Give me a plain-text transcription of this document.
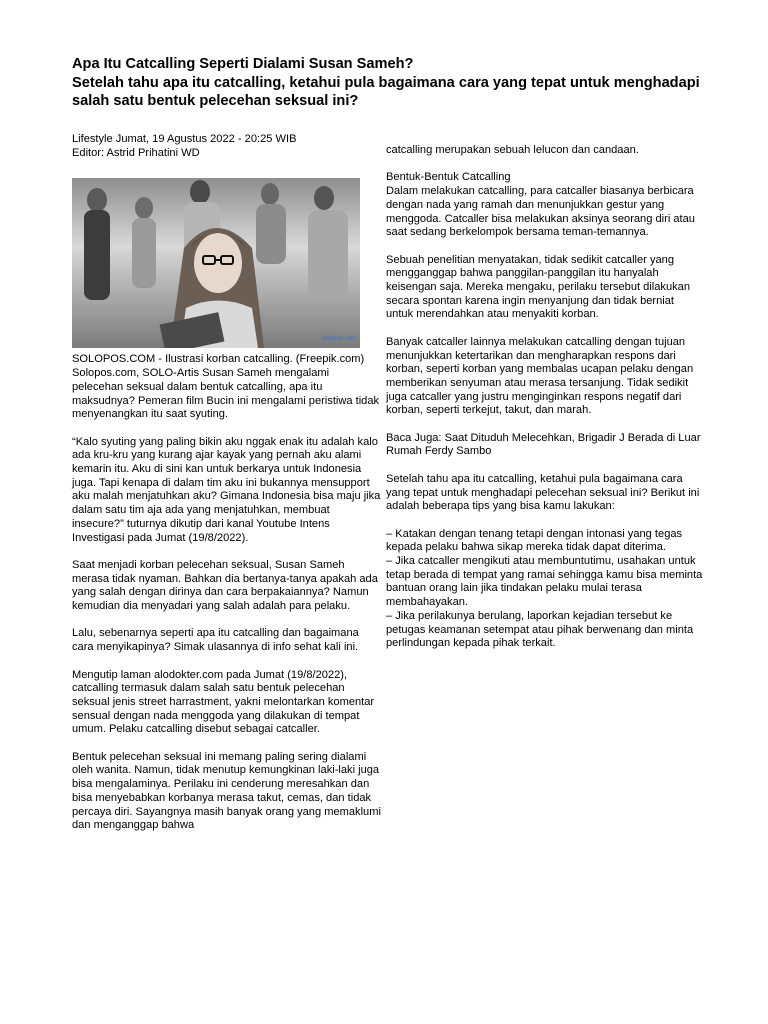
Apa Itu Catcalling Seperti Dialami Susan Sameh?
Setelah tahu apa itu catcalling, ketahui pula bagaimana cara yang tepat untuk menghadapi salah satu bentuk pelecehan seksual ini?

Lifestyle Jumat, 19 Agustus 2022 - 20:25 WIB
Editor: Astrid Prihatini WD

Solopos.com

SOLOPOS.COM - Ilustrasi korban catcalling. (Freepik.com)
Solopos.com, SOLO-Artis Susan Sameh mengalami pelecehan seksual dalam bentuk catcalling, apa itu maksudnya? Pemeran film Bucin ini mengalami peristiwa tidak menyenangkan itu saat syuting.

“Kalo syuting yang paling bikin aku nggak enak itu adalah kalo ada kru-kru yang kurang ajar kayak yang pernah aku alami kemarin itu. Aku di sini kan untuk berkarya untuk Indonesia juga. Tapi kenapa di dalam tim aku ini bukannya mensupport aku malah menjatuhkan aku? Gimana Indonesia bisa maju jika dalam satu tim aja ada yang menjatuhkan, membuat insecure?” tuturnya dikutip dari kanal Youtube Intens Investigasi pada Jumat (19/8/2022).

Saat menjadi korban pelecehan seksual, Susan Sameh merasa tidak nyaman. Bahkan dia bertanya-tanya apakah ada yang salah dengan dirinya dan cara berpakaiannya? Namun kemudian dia menyadari yang salah adalah para pelaku.

Lalu, sebenarnya seperti apa itu catcalling dan bagaimana cara menyikapinya? Simak ulasannya di info sehat kali ini.

Mengutip laman alodokter.com pada Jumat (19/8/2022), catcalling termasuk dalam salah satu bentuk pelecehan seksual jenis street harrastment, yakni melontarkan komentar sensual dengan nada menggoda yang dilakukan di tempat umum. Pelaku catcalling disebut sebagai catcaller.

Bentuk pelecehan seksual ini memang paling sering dialami oleh wanita. Namun, tidak menutup kemungkinan laki-laki juga bisa mengalaminya. Perilaku ini cenderung meresahkan dan bisa menyebabkan korbanya merasa takut, cemas, dan tidak percaya diri. Sayangnya masih banyak orang yang memaklumi dan menganggap bahwa

catcalling merupakan sebuah lelucon dan candaan.

Bentuk-Bentuk Catcalling
Dalam melakukan catcalling, para catcaller biasanya berbicara dengan nada yang ramah dan menunjukkan gestur yang menggoda. Catcaller bisa melakukan aksinya seorang diri atau saat sedang berkelompok bersama teman-temannya.

Sebuah penelitian menyatakan, tidak sedikit catcaller yang mengganggap bahwa panggilan-panggilan itu hanyalah keisengan saja. Mereka mengaku, perilaku tersebut dilakukan secara spontan karena ingin menyanjung dan tidak berniat untuk merendahkan atau menyakiti korban.

Banyak catcaller lainnya melakukan catcalling dengan tujuan menunjukkan ketertarikan dan mengharapkan respons dari korban, seperti korban yang membalas ucapan pelaku dengan memberikan senyuman atau merasa tersanjung. Tidak sedikit juga catcaller yang justru menginginkan respons negatif dari korban, seperti terkejut, takut, dan marah.

Baca Juga: Saat Dituduh Melecehkan, Brigadir J Berada di Luar Rumah Ferdy Sambo

Setelah tahu apa itu catcalling, ketahui pula bagaimana cara yang tepat untuk menghadapi pelecehan seksual ini? Berikut ini adalah beberapa tips yang bisa kamu lakukan:

– Katakan dengan tenang tetapi dengan intonasi yang tegas kepada pelaku bahwa sikap mereka tidak dapat diterima.
– Jika catcaller mengikuti atau membuntutimu, usahakan untuk tetap berada di tempat yang ramai sehingga kamu bisa meminta bantuan orang lain jika tindakan pelaku mulai terasa membahayakan.
– Jika perilakunya berulang, laporkan kejadian tersebut ke petugas keamanan setempat atau pihak berwenang dan minta perlindungan kepada pihak terkait.
